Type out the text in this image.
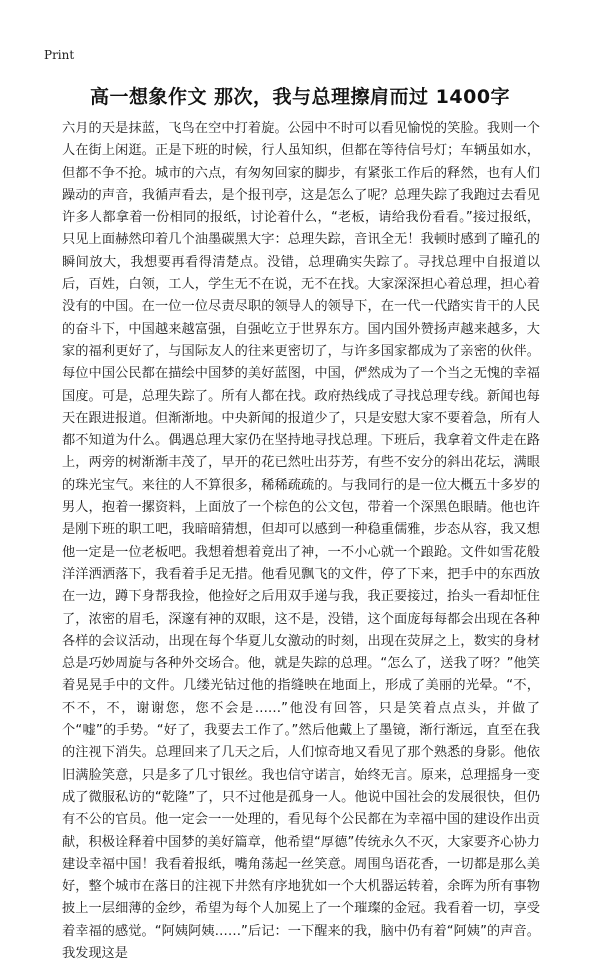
Print
高一想象作文 那次，我与总理擦肩而过 1400字

六月的天是抹蓝，飞鸟在空中打着旋。公园中不时可以看见愉悦的笑脸。我则一个人在街上闲逛。正是下班的时候，行人虽知织，但都在等待信号灯；车辆虽如水，但都不争不抢。城市的六点，有匆匆回家的脚步，有紧张工作后的释然，也有人们躁动的声音，我循声看去，是个报刊亭，这是怎么了呢？总理失踪了我跑过去看见许多人都拿着一份相同的报纸，讨论着什么，“老板，请给我份看看。”接过报纸，只见上面赫然印着几个油墨碳黑大字：总理失踪，音讯全无！我顿时感到了瞳孔的瞬间放大，我想要再看得清楚点。没错，总理确实失踪了。寻找总理中自报道以后，百姓，白领，工人，学生无不在说，无不在找。大家深深担心着总理，担心着没有的中国。在一位一位尽责尽职的领导人的领导下，在一代一代踏实肯干的人民的奋斗下，中国越来越富强，自强屹立于世界东方。国内国外赞扬声越来越多，大家的福利更好了，与国际友人的往来更密切了，与许多国家都成为了亲密的伙伴。每位中国公民都在描绘中国梦的美好蓝图，中国，俨然成为了一个当之无愧的幸福国度。可是，总理失踪了。所有人都在找。政府热线成了寻找总理专线。新闻也每天在跟进报道。但渐渐地。中央新闻的报道少了，只是安慰大家不要着急，所有人都不知道为什么。偶遇总理大家仍在坚持地寻找总理。下班后，我拿着文件走在路上，两旁的树渐渐丰茂了，早开的花已然吐出芬芳，有些不安分的斜出花坛，满眼的珠光宝气。来往的人不算很多，稀稀疏疏的。与我同行的是一位大概五十多岁的男人，抱着一摞资料，上面放了一个棕色的公文包，带着一个深黑色眼睛。他也许是刚下班的职工吧，我暗暗猜想，但却可以感到一种稳重儒雅，步态从容，我又想他一定是一位老板吧。我想着想着竟出了神，一不小心就一个踉跄。文件如雪花般洋洋洒洒落下，我看着手足无措。他看见飘飞的文件，停了下来，把手中的东西放在一边，蹲下身帮我捡，他捡好之后用双手递与我，我正要接过，抬头一看却怔住了，浓密的眉毛，深邃有神的双眼，这不是，没错，这个面庞每每都会出现在各种各样的会议活动，出现在每个华夏儿女激动的时刻，出现在荧屏之上，数实的身材总是巧妙周旋与各种外交场合。他，就是失踪的总理。“怎么了，送我了呀？”他笑着晃晃手中的文件。几缕光钻过他的指缝映在地面上，形成了美丽的光晕。“不，不不，不，谢谢您，您不会是……”他没有回答，只是笑着点点头，并做了个“嘘”的手势。“好了，我要去工作了。”然后他戴上了墨镜，渐行渐远，直至在我的注视下消失。总理回来了几天之后，人们惊奇地又看见了那个熟悉的身影。他依旧满脸笑意，只是多了几寸银丝。我也信守诺言，始终无言。原来，总理摇身一变成了微服私访的“乾隆”了，只不过他是孤身一人。他说中国社会的发展很快，但仍有不公的官员。他一定会一一处理的，看见每个公民都在为幸福中国的建设作出贡献，积极诠释着中国梦的美好篇章，他希望“厚德”传统永久不灭，大家要齐心协力建设幸福中国！我看着报纸，嘴角荡起一丝笑意。周围鸟语花香，一切都是那么美好，整个城市在落日的注视下井然有序地犹如一个大机器运转着，余晖为所有事物披上一层细薄的金纱，希望为每个人加冕上了一个璀璨的金冠。我看着一切，享受着幸福的感觉。“阿姨阿姨……”后记：一下醒来的我，脑中仍有着“阿姨”的声音。我发现这是
